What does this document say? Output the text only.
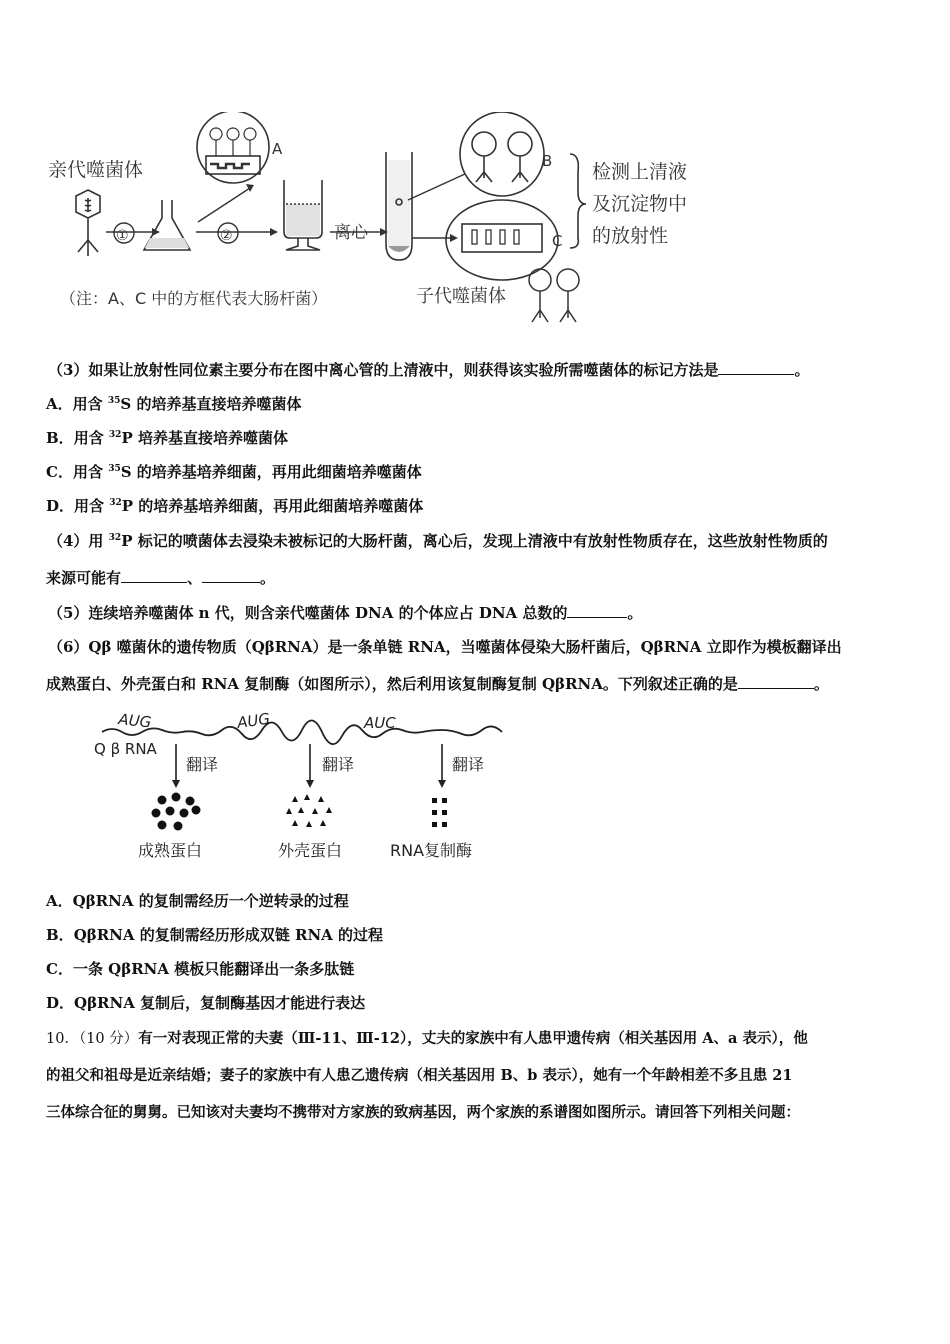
亲代噬菌体
①	②
A
离心
B
C
检测上清液
及沉淀物中
的放射性
（注：A、C 中的方框代表大肠杆菌）	子代噬菌体
（3）如果让放射性同位素主要分布在图中离心管的上清液中，则获得该实验所需噬菌体的标记方法是	。
A．用含 $^{35}$S 的培养基直接培养噬菌体
B．用含 $^{32}$P 培养基直接培养噬菌体
C．用含 $^{35}$S 的培养基培养细菌，再用此细菌培养噬菌体
D．用含 $^{32}$P 的培养基培养细菌，再用此细菌培养噬菌体
（4）用 $^{32}$P 标记的喷菌体去浸染未被标记的大肠杆菌，离心后，发现上清液中有放射性物质存在，这些放射性物质的
来源可能有	、	。
（5）连续培养噬菌体 n 代，则含亲代噬菌体 DNA 的个体应占 DNA 总数的	。
（6）Qβ 噬菌休的遗传物质（QβRNA）是一条单链 RNA，当噬菌体侵染大肠杆菌后，QβRNA 立即作为模板翻译出
成熟蛋白、外壳蛋白和 RNA 复制酶（如图所示），然后利用该复制酶复制 QβRNA。下列叙述正确的是	。
AUG	AUG	AUC
Q β RNA
翻译	翻译	翻译
成熟蛋白	外壳蛋白	RNA复制酶
A．QβRNA 的复制需经历一个逆转录的过程
B．QβRNA 的复制需经历形成双链 RNA 的过程
C．一条 QβRNA 模板只能翻译出一条多肽链
D．QβRNA 复制后，复制酶基因才能进行表达
10．（10 分）有一对表现正常的夫妻（Ⅲ-11、Ⅲ-12），丈夫的家族中有人患甲遗传病（相关基因用 A、a 表示），他
的祖父和祖母是近亲结婚；妻子的家族中有人患乙遗传病（相关基因用 B、b 表示），她有一个年龄相差不多且患 21
三体综合征的舅舅。已知该对夫妻均不携带对方家族的致病基因，两个家族的系谱图如图所示。请回答下列相关问题：
